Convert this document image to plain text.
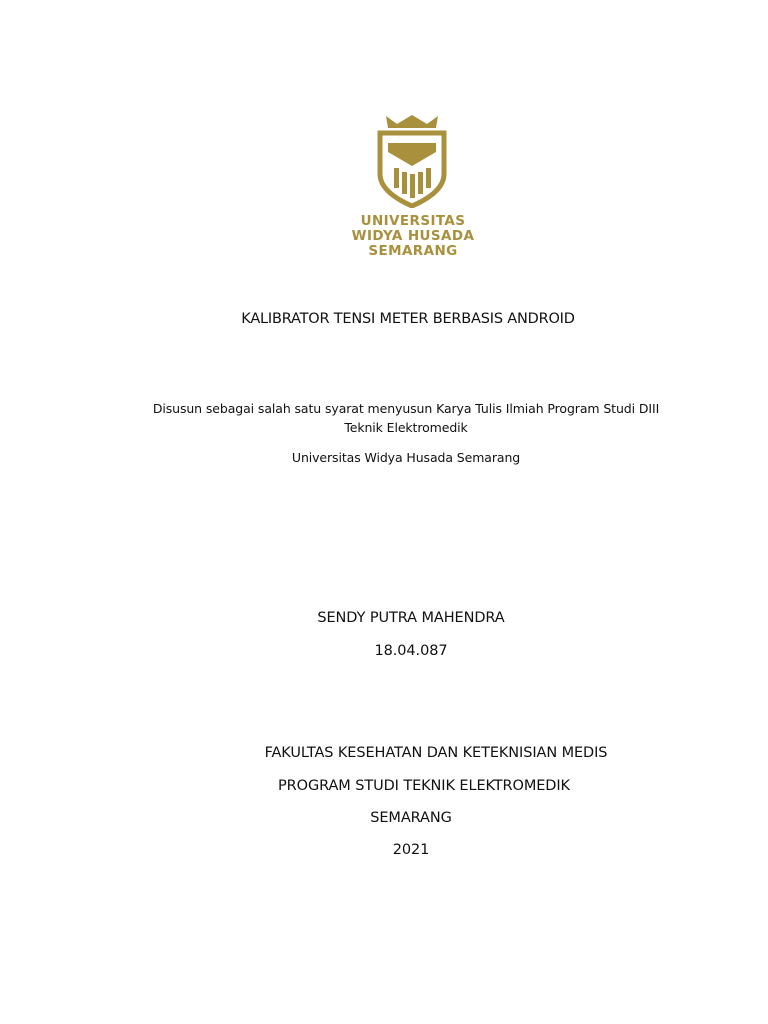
UNIVERSITAS
WIDYA HUSADA
SEMARANG
KALIBRATOR TENSI METER BERBASIS ANDROID
Disusun sebagai salah satu syarat menyusun Karya Tulis Ilmiah Program Studi DIII
Teknik Elektromedik
Universitas Widya Husada Semarang
SENDY PUTRA MAHENDRA
18.04.087
FAKULTAS KESEHATAN DAN KETEKNISIAN MEDIS
PROGRAM STUDI TEKNIK ELEKTROMEDIK
SEMARANG
2021
